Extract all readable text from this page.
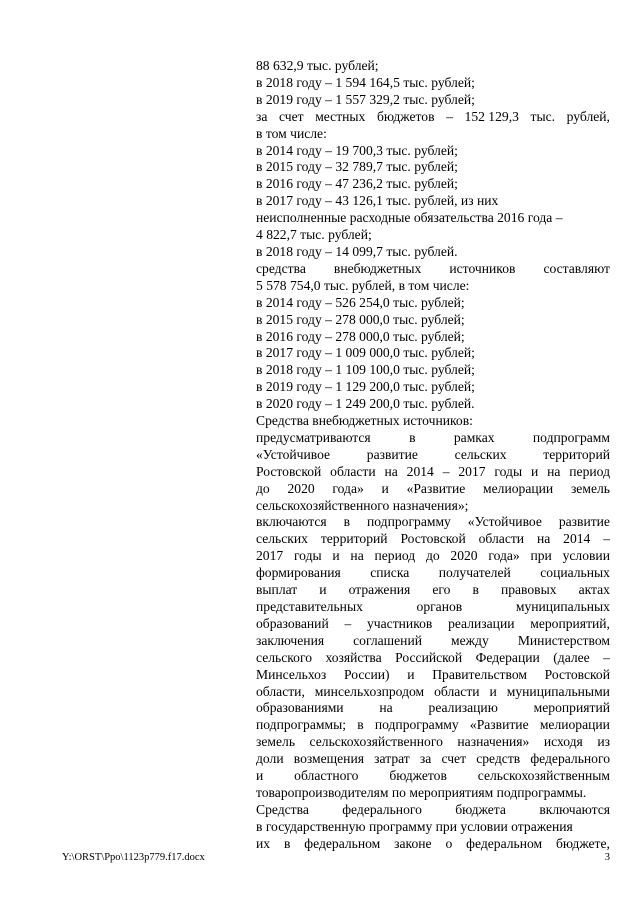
88 632,9 тыс. рублей;
в 2018 году – 1 594 164,5 тыс. рублей;
в 2019 году – 1 557 329,2 тыс. рублей;
за счет местных бюджетов – 152 129,3 тыс. рублей,
в том числе:
в 2014 году – 19 700,3 тыс. рублей;
в 2015 году – 32 789,7 тыс. рублей;
в 2016 году – 47 236,2 тыс. рублей;
в 2017 году – 43 126,1 тыс. рублей, из них
неисполненные расходные обязательства 2016 года –
4 822,7 тыс. рублей;
в 2018 году – 14 099,7 тыс. рублей.
средства внебюджетных источников составляют
5 578 754,0 тыс. рублей, в том числе:
в 2014 году – 526 254,0 тыс. рублей;
в 2015 году – 278 000,0 тыс. рублей;
в 2016 году – 278 000,0 тыс. рублей;
в 2017 году – 1 009 000,0 тыс. рублей;
в 2018 году – 1 109 100,0 тыс. рублей;
в 2019 году – 1 129 200,0 тыс. рублей;
в 2020 году – 1 249 200,0 тыс. рублей.
Средства внебюджетных источников:
предусматриваются	в	рамках	подпрограмм
«Устойчивое	развитие	сельских	территорий
Ростовской области на 2014 – 2017 годы и на период
до 2020 года» и «Развитие мелиорации земель
сельскохозяйственного назначения»;
включаются в подпрограмму «Устойчивое развитие
сельских территорий Ростовской области на 2014 –
2017 годы и на период до 2020 года» при условии
формирования списка получателей социальных
выплат и отражения его в правовых актах
представительных	органов	муниципальных
образований – участников реализации мероприятий,
заключения соглашений между Министерством
сельского хозяйства Российской Федерации (далее –
Минсельхоз России) и Правительством Ростовской
области, минсельхозпродом области и муниципальными
образованиями	на	реализацию	мероприятий
подпрограммы; в подпрограмму «Развитие мелиорации
земель сельскохозяйственного назначения» исходя из
доли возмещения затрат за счет средств федерального
и областного бюджетов сельскохозяйственным
товаропроизводителям по мероприятиям подпрограммы.
Средства федерального бюджета включаются
в государственную программу при условии отражения
их в федеральном законе о федеральном бюджете,
Y:\ORST\Ppo\1123p779.f17.docx	3
